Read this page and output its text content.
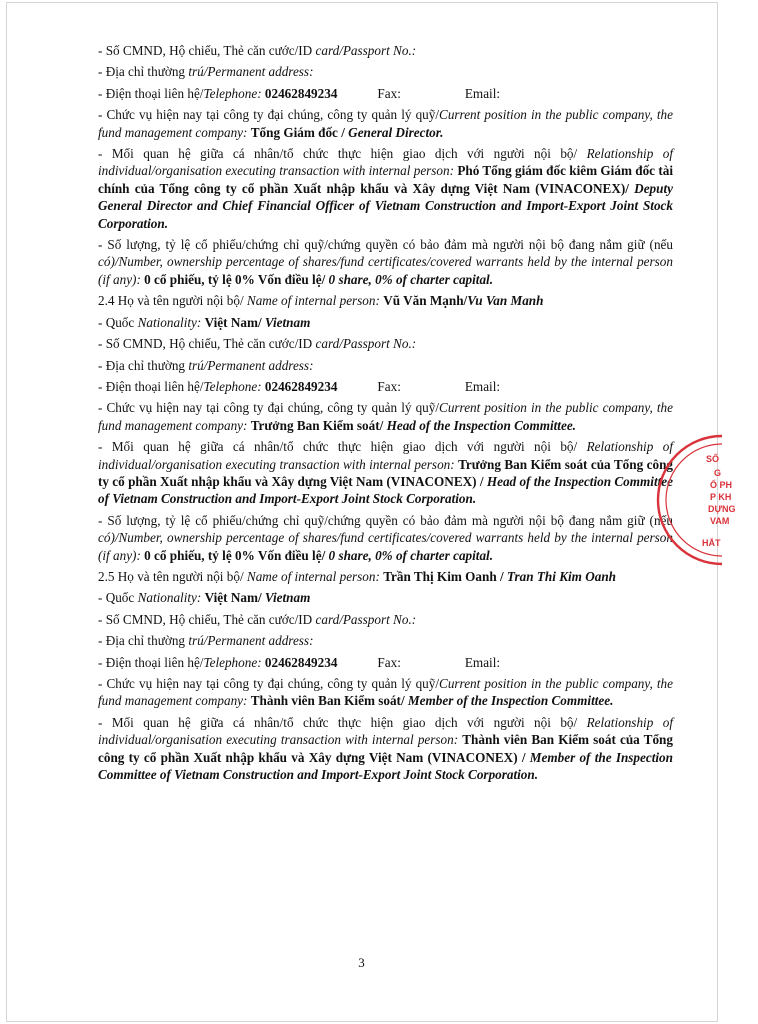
- Số CMND, Hộ chiếu, Thẻ căn cước/ID card/Passport No.:
- Địa chỉ thường trú/Permanent address:
- Điện thoại liên hệ/Telephone: 02462849234	Fax:	Email:
- Chức vụ hiện nay tại công ty đại chúng, công ty quản lý quỹ/Current position in the public company, the fund management company: Tổng Giám đốc / General Director.
- Mối quan hệ giữa cá nhân/tổ chức thực hiện giao dịch với người nội bộ/ Relationship of individual/organisation executing transaction with internal person: Phó Tổng giám đốc kiêm Giám đốc tài chính của Tổng công ty cổ phần Xuất nhập khẩu và Xây dựng Việt Nam (VINACONEX)/ Deputy General Director and Chief Financial Officer of Vietnam Construction and Import-Export Joint Stock Corporation.
- Số lượng, tỷ lệ cổ phiếu/chứng chỉ quỹ/chứng quyền có bảo đảm mà người nội bộ đang nắm giữ (nếu có)/Number, ownership percentage of shares/fund certificates/covered warrants held by the internal person (if any): 0 cổ phiếu, tỷ lệ 0% Vốn điều lệ/ 0 share, 0% of charter capital.
2.4 Họ và tên người nội bộ/ Name of internal person: Vũ Văn Mạnh/Vu Van Manh
- Quốc Nationality: Việt Nam/ Vietnam
- Số CMND, Hộ chiếu, Thẻ căn cước/ID card/Passport No.:
- Địa chỉ thường trú/Permanent address:
- Điện thoại liên hệ/Telephone: 02462849234	Fax:	Email:
- Chức vụ hiện nay tại công ty đại chúng, công ty quản lý quỹ/Current position in the public company, the fund management company: Trưởng Ban Kiểm soát/ Head of the Inspection Committee.
- Mối quan hệ giữa cá nhân/tổ chức thực hiện giao dịch với người nội bộ/ Relationship of individual/organisation executing transaction with internal person: Trưởng Ban Kiểm soát của Tổng công ty cổ phần Xuất nhập khẩu và Xây dựng Việt Nam (VINACONEX) / Head of the Inspection Committee of Vietnam Construction and Import-Export Joint Stock Corporation.
- Số lượng, tỷ lệ cổ phiếu/chứng chỉ quỹ/chứng quyền có bảo đảm mà người nội bộ đang nắm giữ (nếu có)/Number, ownership percentage of shares/fund certificates/covered warrants held by the internal person (if any): 0 cổ phiếu, tỷ lệ 0% Vốn điều lệ/ 0 share, 0% of charter capital.
2.5 Họ và tên người nội bộ/ Name of internal person: Trần Thị Kim Oanh / Tran Thi Kim Oanh
- Quốc Nationality: Việt Nam/ Vietnam
- Số CMND, Hộ chiếu, Thẻ căn cước/ID card/Passport No.:
- Địa chỉ thường trú/Permanent address:
- Điện thoại liên hệ/Telephone: 02462849234	Fax:	Email:
- Chức vụ hiện nay tại công ty đại chúng, công ty quản lý quỹ/Current position in the public company, the fund management company: Thành viên Ban Kiểm soát/ Member of the Inspection Committee.
- Mối quan hệ giữa cá nhân/tổ chức thực hiện giao dịch với người nội bộ/ Relationship of individual/organisation executing transaction with internal person: Thành viên Ban Kiểm soát của Tổng công ty cổ phần Xuất nhập khẩu và Xây dựng Việt Nam (VINACONEX) / Member of the Inspection Committee of Vietnam Construction and Import-Export Joint Stock Corporation.
3
SỐ
G
Ổ PH
P KH
DỰNG
VAM
HẮT
